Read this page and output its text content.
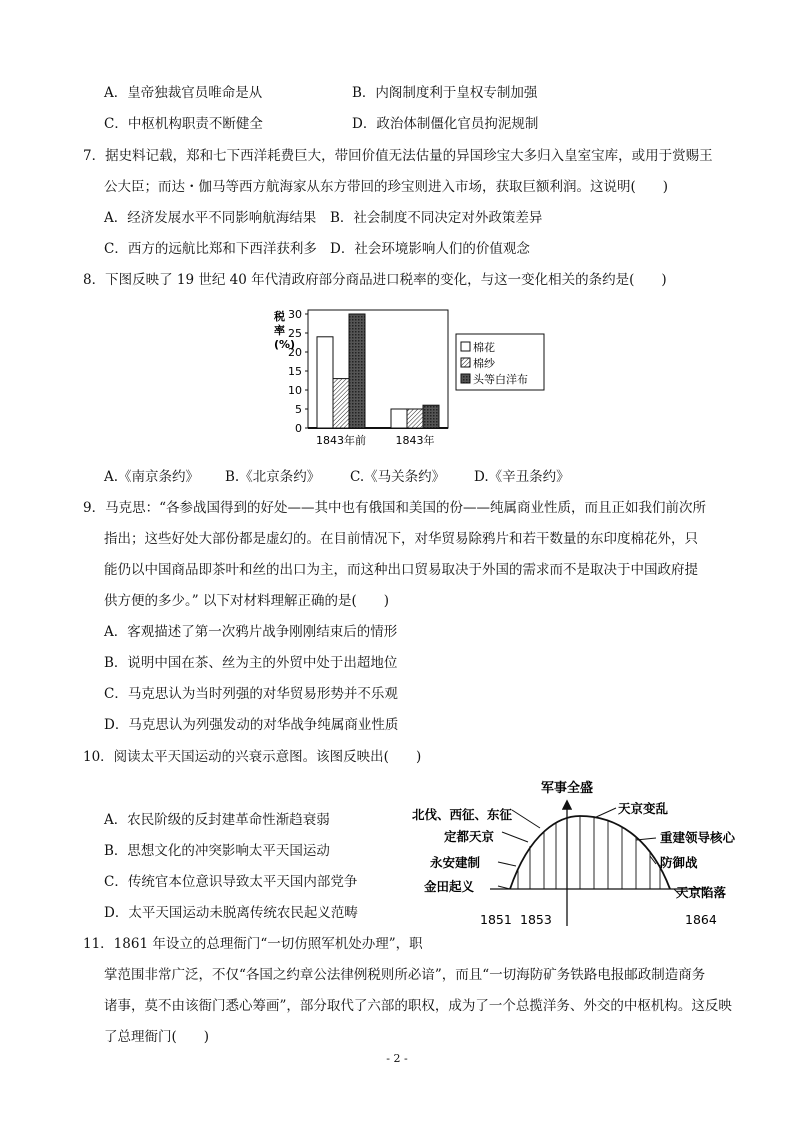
A．皇帝独裁官员唯命是从	B．内阁制度利于皇权专制加强
C．中枢机构职责不断健全	D．政治体制僵化官员拘泥规制
7．据史料记载，郑和七下西洋耗费巨大，带回价值无法估量的异国珍宝大多归入皇室宝库，或用于赏赐王
公大臣；而达・伽马等西方航海家从东方带回的珍宝则进入市场，获取巨额利润。这说明(　　)
A．经济发展水平不同影响航海结果 B．社会制度不同决定对外政策差异
C．西方的远航比郑和下西洋获利多 D．社会环境影响人们的价值观念
8．下图反映了 19 世纪 40 年代清政府部分商品进口税率的变化，与这一变化相关的条约是(　　)
税
率
(%)
0
5
10
15
20
25
30
1843年前	1843年
棉花
棉纱
头等白洋布
A.《南京条约》 B.《北京条约》 C.《马关条约》 D.《辛丑条约》
9．马克思：“各参战国得到的好处——其中也有俄国和美国的份——纯属商业性质，而且正如我们前次所
指出；这些好处大部份都是虚幻的。在目前情况下，对华贸易除鸦片和若干数量的东印度棉花外，只
能仍以中国商品即茶叶和丝的出口为主，而这种出口贸易取决于外国的需求而不是取决于中国政府提
供方便的多少。” 以下对材料理解正确的是(　　)
A．客观描述了第一次鸦片战争刚刚结束后的情形
B．说明中国在茶、丝为主的外贸中处于出超地位
C．马克思认为当时列强的对华贸易形势并不乐观
D．马克思认为列强发动的对华战争纯属商业性质
10．阅读太平天国运动的兴衰示意图。该图反映出(　　)
A．农民阶级的反封建革命性渐趋衰弱
B．思想文化的冲突影响太平天国运动
C．传统官本位意识导致太平天国内部党争
D．太平天国运动未脱离传统农民起义范畴
军事全盛
北伐、西征、东征
定都天京
永安建制
金田起义
天京变乱
重建领导核心
防御战
天京陷落
1851 1853	1864
11．1861 年设立的总理衙门“一切仿照军机处办理”，职
掌范围非常广泛，不仅“各国之约章公法律例税则所必谙”，而且“一切海防矿务铁路电报邮政制造商务
诸事，莫不由该衙门悉心筹画”，部分取代了六部的职权，成为了一个总揽洋务、外交的中枢机构。这反映
了总理衙门(　　)
- 2 -
